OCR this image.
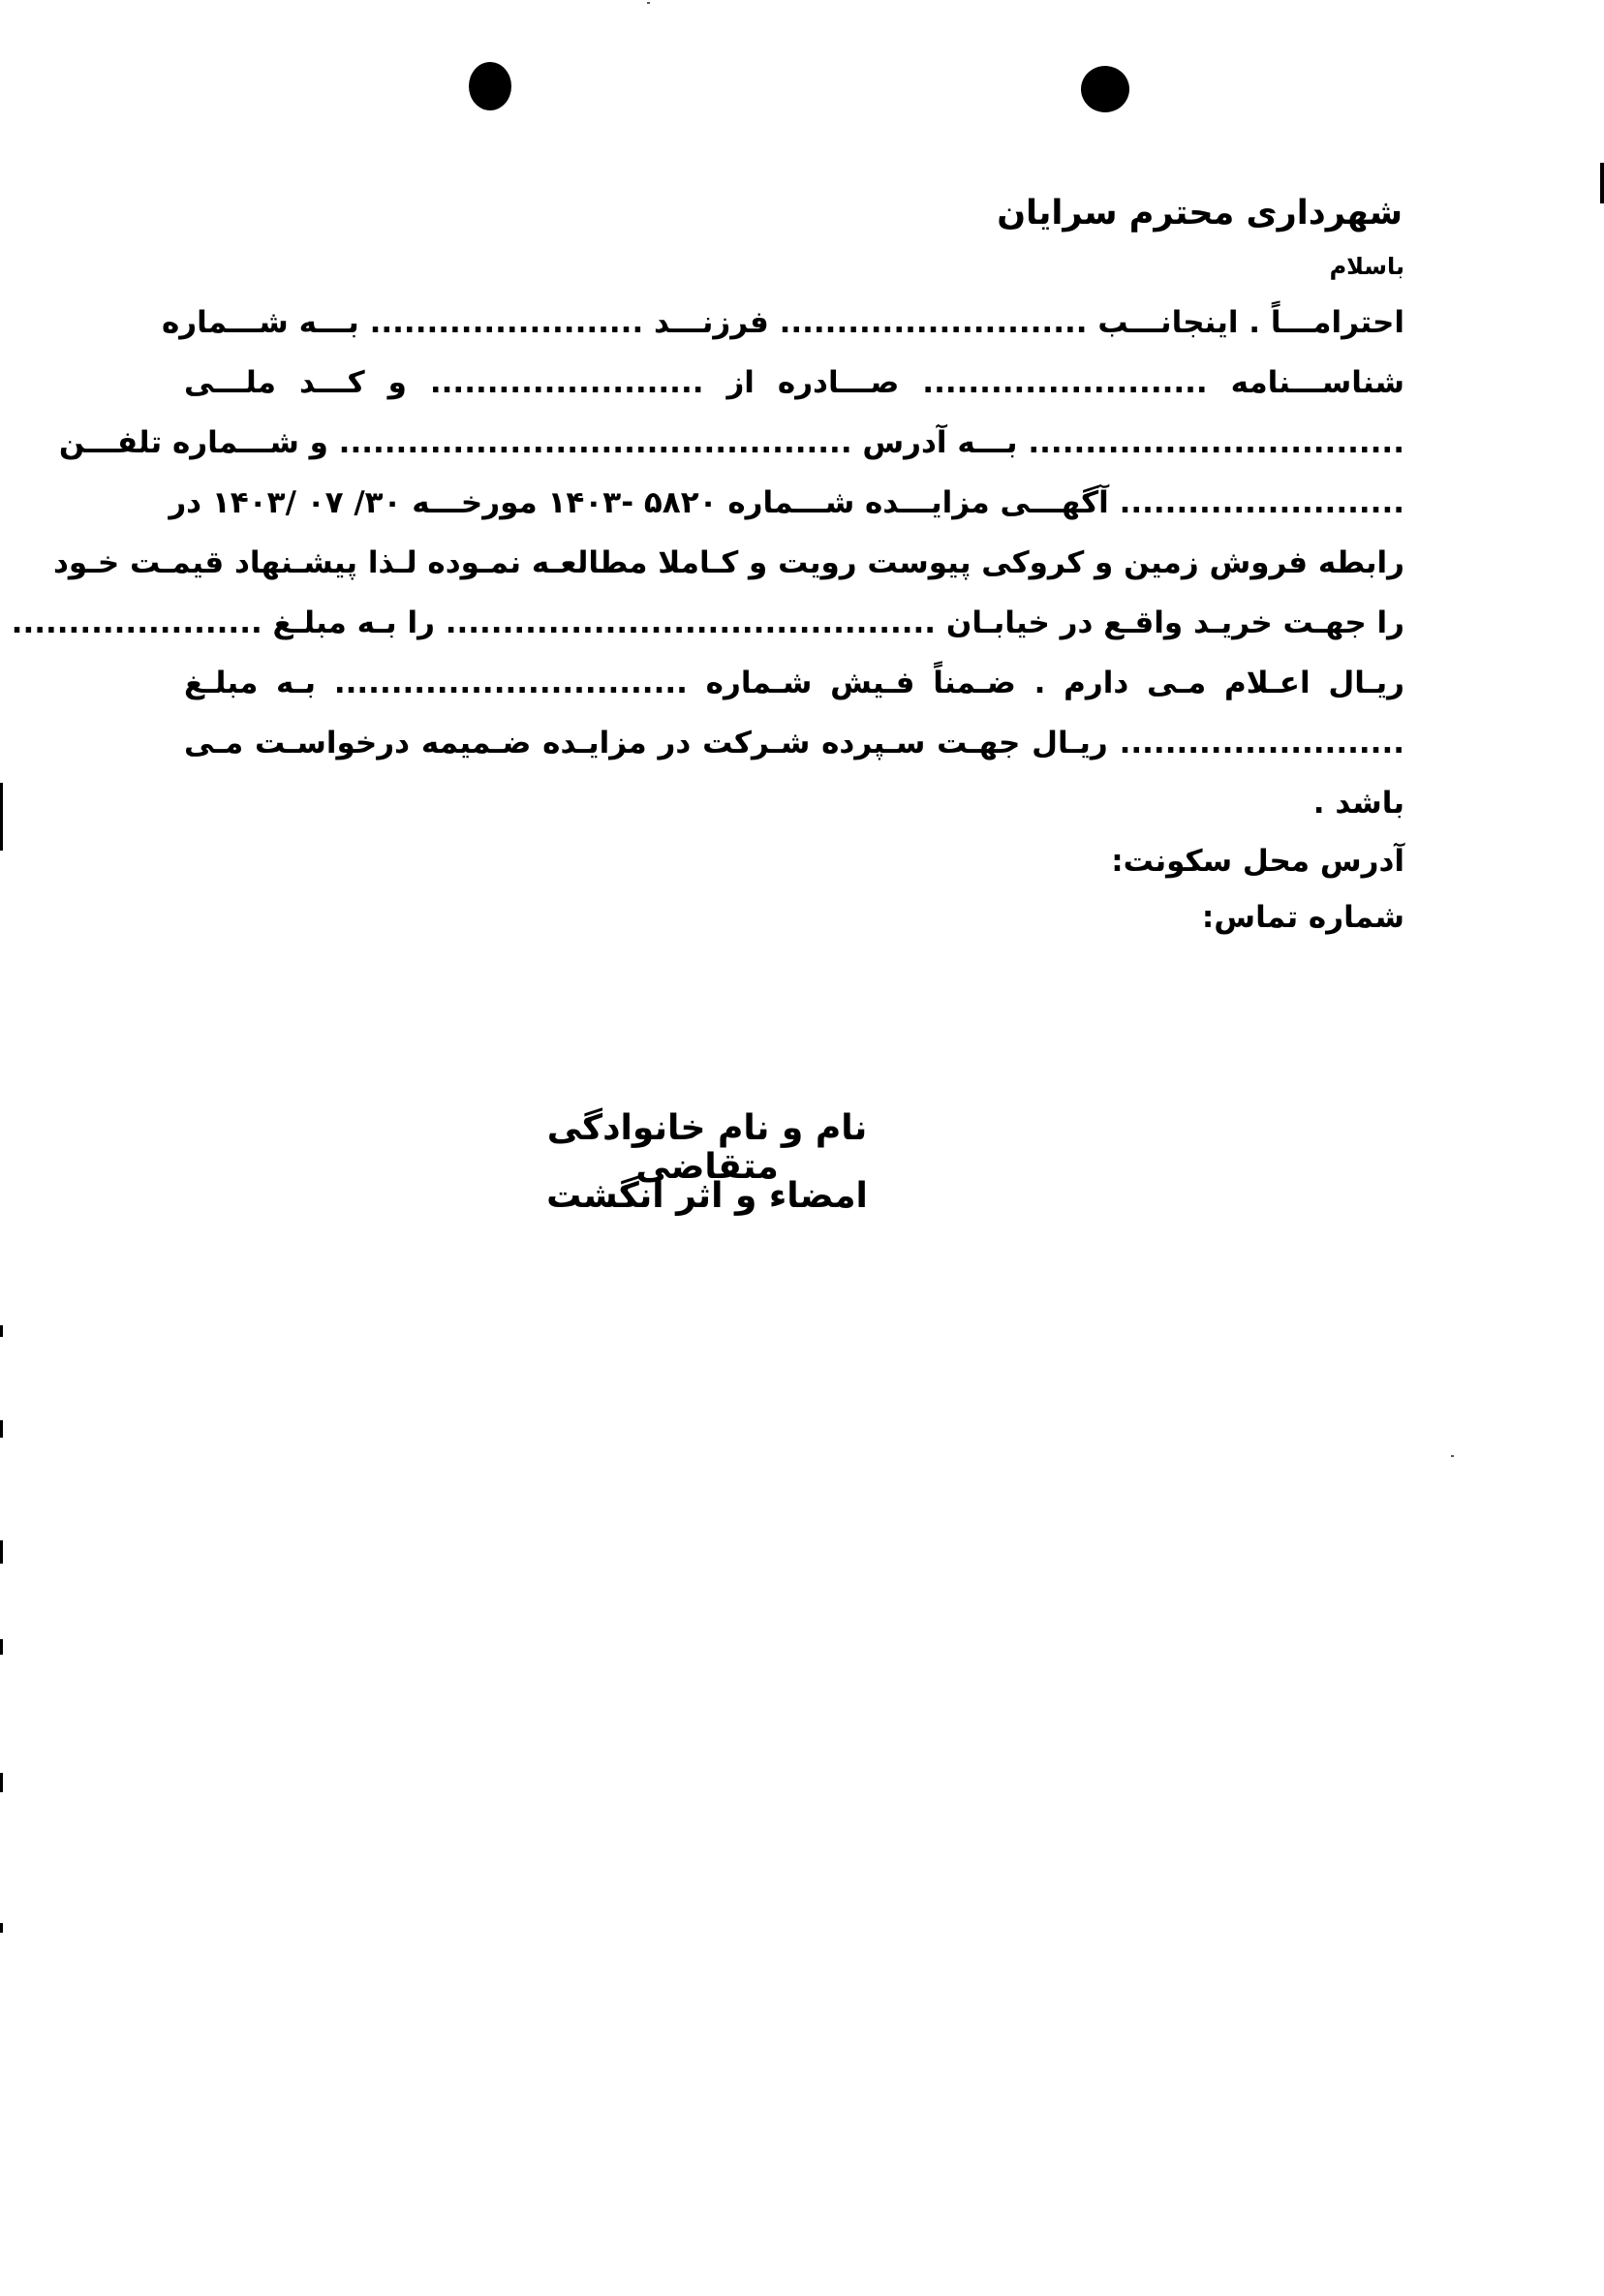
شهرداری محترم سرایان
باسلام
احترامـــاً . اینجانـــب ........................... فرزنـــد ........................ بـــه شـــماره
شناســـنامه ......................... صـــادره از ........................ و کـــد ملـــی
................................. بـــه آدرس ............................................. و شـــماره تلفـــن
......................... آگهـــی مزایـــده شـــماره ۵۸۲۰ -۱۴۰۳ مورخـــه ۳۰/ ۰۷ /۱۴۰۳ در
رابطه فروش زمین و کروکی پیوست رویت و کـاملا مطالعـه نمـوده لـذا پیشـنهاد قیمـت خـود
را جهـت خریـد واقـع در خیابـان ........................................... را بـه مبلـغ ......................
ریـال اعـلام مـی دارم . ضـمناً فـیش شـماره ............................... بـه مبلـغ
......................... ریـال جهـت سـپرده شـرکت در مزایـده ضـمیمه درخواسـت مـی
باشد .
آدرس محل سکونت:
شماره تماس:
نام و نام خانوادگی متقاضی
امضاء و اثر انگشت
